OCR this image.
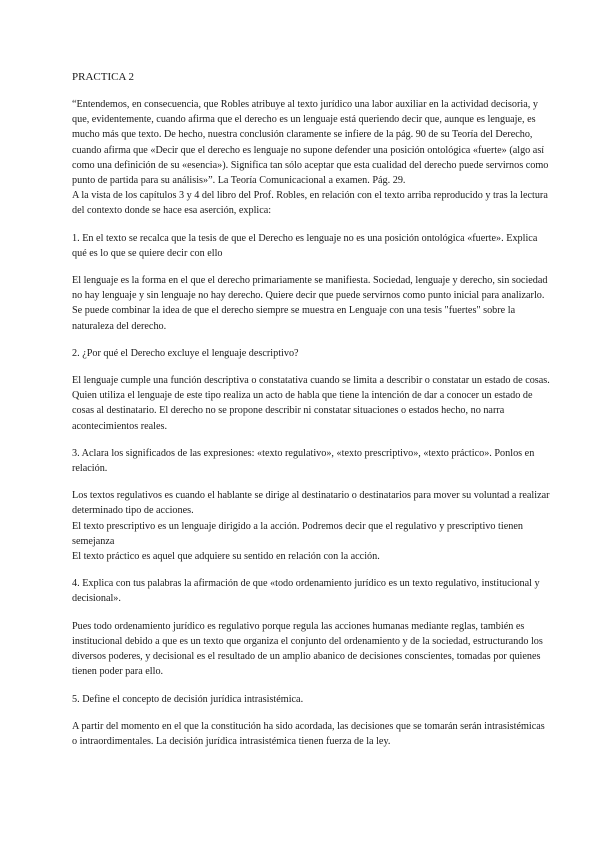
PRACTICA 2

“Entendemos, en consecuencia, que Robles atribuye al texto jurídico una labor auxiliar en la actividad decisoria, y que, evidentemente, cuando afirma que el derecho es un lenguaje está queriendo decir que, aunque es lenguaje, es mucho más que texto. De hecho, nuestra conclusión claramente se infiere de la pág. 90 de su Teoría del Derecho, cuando afirma que «Decir que el derecho es lenguaje no supone defender una posición ontológica «fuerte» (algo así como una definición de su «esencia»). Significa tan sólo aceptar que esta cualidad del derecho puede servirnos como punto de partida para su análisis»”. La Teoría Comunicacional a examen. Pág. 29.

A la vista de los capítulos 3 y 4 del libro del Prof. Robles, en relación con el texto arriba reproducido y tras la lectura del contexto donde se hace esa aserción, explica:

1. En el texto se recalca que la tesis de que el Derecho es lenguaje no es una posición ontológica «fuerte». Explica qué es lo que se quiere decir con ello

El lenguaje es la forma en el que el derecho primariamente se manifiesta. Sociedad, lenguaje y derecho, sin sociedad no hay lenguaje y sin lenguaje no hay derecho. Quiere decir que puede servirnos como punto inicial para analizarlo. Se puede combinar la idea de que el derecho siempre se muestra en Lenguaje con una tesis "fuertes" sobre la naturaleza del derecho.

2. ¿Por qué el Derecho excluye el lenguaje descriptivo?

El lenguaje cumple una función descriptiva o constatativa cuando se limita a describir o constatar un estado de cosas. Quien utiliza el lenguaje de este tipo realiza un acto de habla que tiene la intención de dar a conocer un estado de cosas al destinatario. El derecho no se propone describir ni constatar situaciones o estados hecho, no narra acontecimientos reales.

3. Aclara los significados de las expresiones: «texto regulativo», «texto prescriptivo», «texto práctico». Ponlos en relación.

Los textos regulativos es cuando el hablante se dirige al destinatario o destinatarios para mover su voluntad a realizar determinado tipo de acciones.

El texto prescriptivo es un lenguaje dirigido a la acción. Podremos decir que el regulativo y prescriptivo tienen semejanza

El texto práctico es aquel que adquiere su sentido en relación con la acción.

4. Explica con tus palabras la afirmación de que «todo ordenamiento jurídico es un texto regulativo, institucional y decisional».

Pues todo ordenamiento jurídico es regulativo porque regula las acciones humanas mediante reglas, también es institucional debido a que es un texto que organiza el conjunto del ordenamiento y de la sociedad, estructurando los diversos poderes, y decisional es el resultado de un amplio abanico de decisiones conscientes, tomadas por quienes tienen poder para ello.

5. Define el concepto de decisión jurídica intrasistémica.

A partir del momento en el que la constitución ha sido acordada, las decisiones que se tomarán serán intrasistémicas o intraordimentales. La decisión jurídica intrasistémica tienen fuerza de la ley.
